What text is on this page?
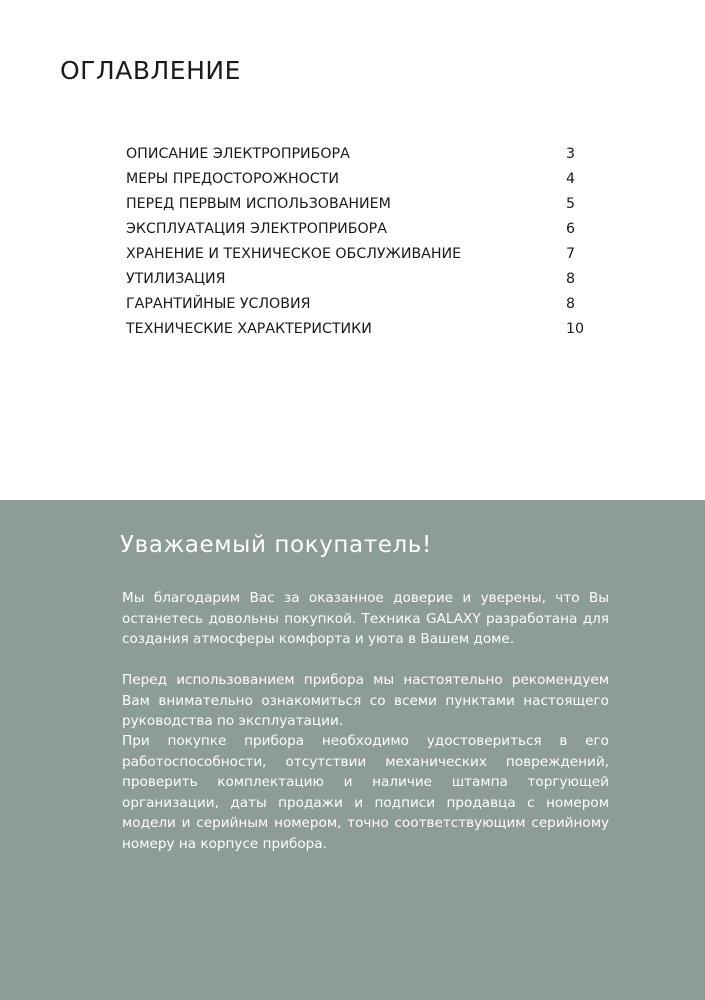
ОГЛАВЛЕНИЕ
ОПИСАНИЕ ЭЛЕКТРОПРИБОРА	3
МЕРЫ ПРЕДОСТОРОЖНОСТИ	4
ПЕРЕД ПЕРВЫМ ИСПОЛЬЗОВАНИЕМ	5
ЭКСПЛУАТАЦИЯ ЭЛЕКТРОПРИБОРА	6
ХРАНЕНИЕ И ТЕХНИЧЕСКОЕ ОБСЛУЖИВАНИЕ	7
УТИЛИЗАЦИЯ	8
ГАРАНТИЙНЫЕ УСЛОВИЯ	8
ТЕХНИЧЕСКИЕ ХАРАКТЕРИСТИКИ	10
Уважаемый покупатель!

Мы благодарим Вас за оказанное доверие и уверены, что Вы останетесь довольны покупкой. Техника GALAXY разработана для создания атмосферы комфорта и уюта в Вашем доме.

Перед использованием прибора мы настоятельно рекомендуем Вам внимательно ознакомиться со всеми пунктами настоящего руководства по эксплуатации.

При покупке прибора необходимо удостовериться в его работоспособности, отсутствии механических повреждений, проверить комплектацию и наличие штампа торгующей организации, даты продажи и подписи продавца с номером модели и серийным номером, точно соответствующим серийному номеру на корпусе прибора.
